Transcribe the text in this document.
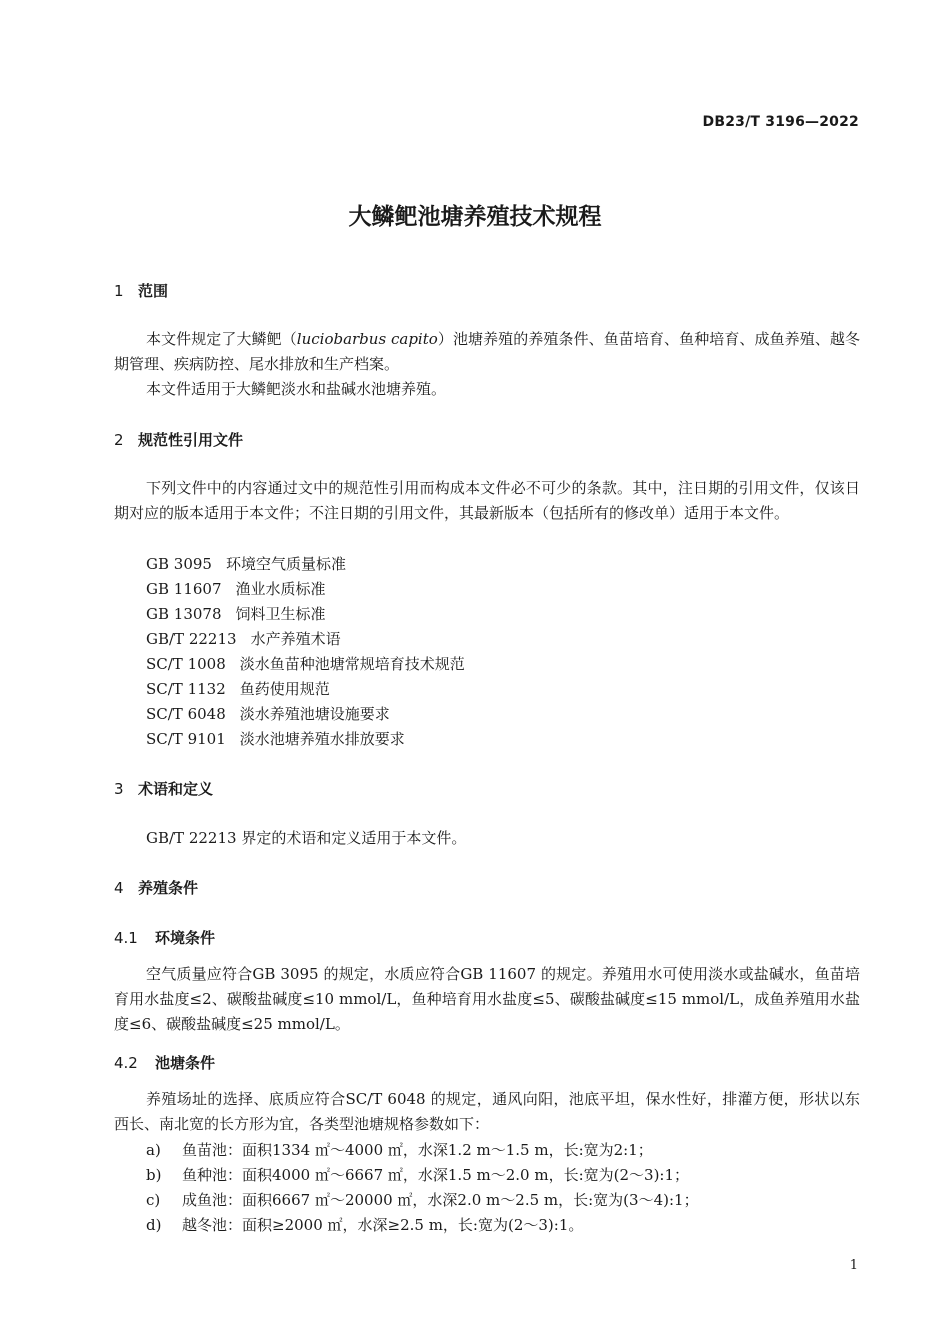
DB23/T 3196—2022
大鳞鲃池塘养殖技术规程
1 范围

本文件规定了大鳞鲃（luciobarbus capito）池塘养殖的养殖条件、鱼苗培育、鱼种培育、成鱼养殖、越冬期管理、疾病防控、尾水排放和生产档案。

本文件适用于大鳞鲃淡水和盐碱水池塘养殖。

2 规范性引用文件

下列文件中的内容通过文中的规范性引用而构成本文件必不可少的条款。其中，注日期的引用文件，仅该日期对应的版本适用于本文件；不注日期的引用文件，其最新版本（包括所有的修改单）适用于本文件。

GB 3095 环境空气质量标准
GB 11607 渔业水质标准
GB 13078 饲料卫生标准
GB/T 22213 水产养殖术语
SC/T 1008 淡水鱼苗种池塘常规培育技术规范
SC/T 1132 鱼药使用规范
SC/T 6048 淡水养殖池塘设施要求
SC/T 9101 淡水池塘养殖水排放要求
3 术语和定义
GB/T 22213 界定的术语和定义适用于本文件。
4 养殖条件
4.1 环境条件

空气质量应符合GB 3095 的规定，水质应符合GB 11607 的规定。养殖用水可使用淡水或盐碱水，鱼苗培育用水盐度≤2、碳酸盐碱度≤10 mmol/L，鱼种培育用水盐度≤5、碳酸盐碱度≤15 mmol/L，成鱼养殖用水盐度≤6、碳酸盐碱度≤25 mmol/L。

4.2 池塘条件

养殖场址的选择、底质应符合SC/T 6048 的规定，通风向阳，池底平坦，保水性好，排灌方便，形状以东西长、南北宽的长方形为宜，各类型池塘规格参数如下：

a) 鱼苗池：面积1334 ㎡～4000 ㎡，水深1.2 m～1.5 m，长:宽为2:1；
b) 鱼种池：面积4000 ㎡～6667 ㎡，水深1.5 m～2.0 m，长:宽为(2～3):1；
c) 成鱼池：面积6667 ㎡～20000 ㎡，水深2.0 m～2.5 m，长:宽为(3～4):1；
d) 越冬池：面积≥2000 ㎡，水深≥2.5 m，长:宽为(2～3):1。
1
